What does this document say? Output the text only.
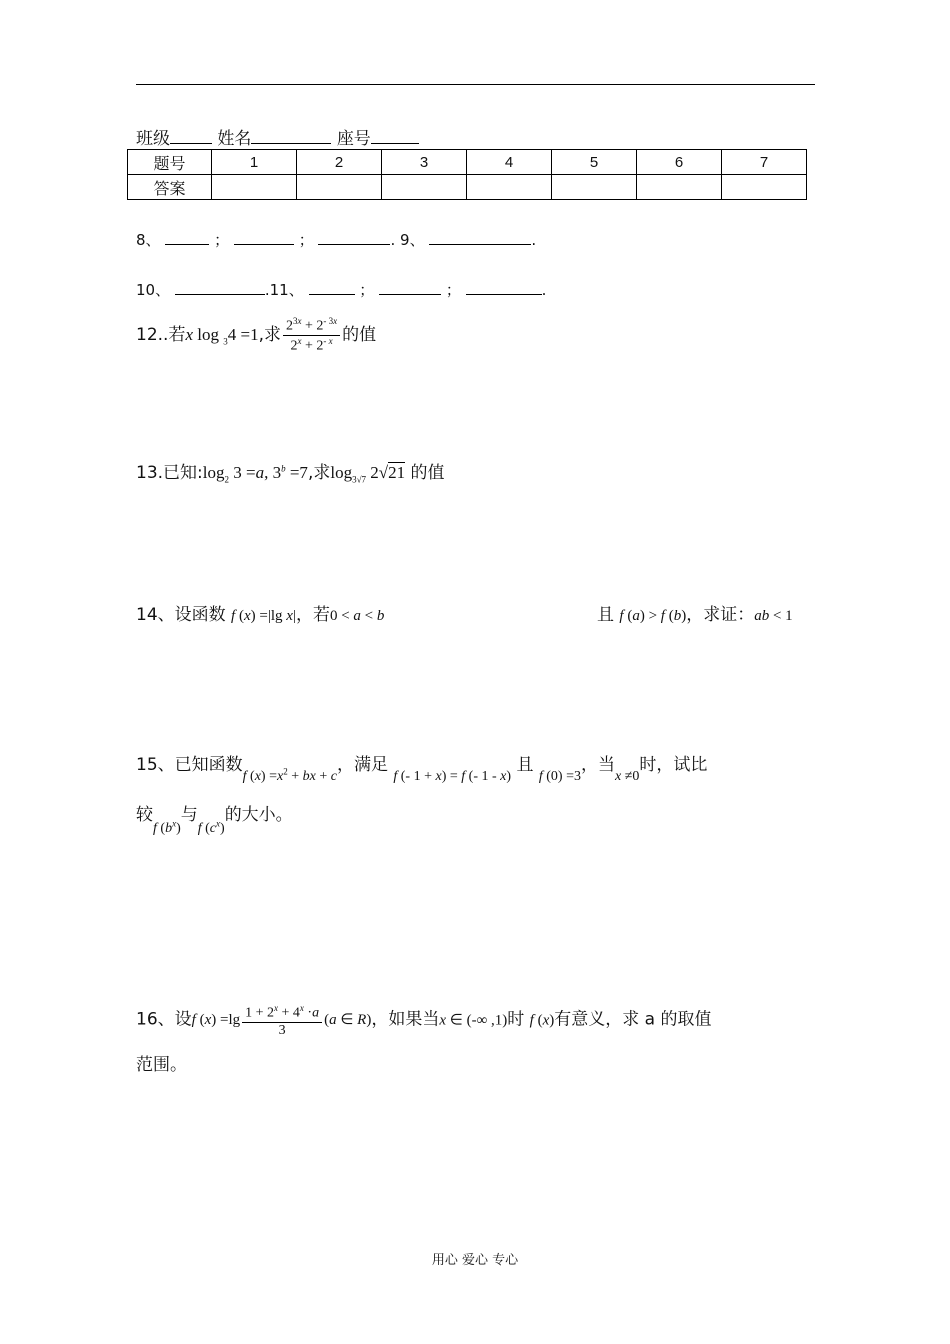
班级	姓名	座号
题号	1	2	3	4	5	6	7
答案							
8、	；	；	. 9、	.
10、	.11、	；	；	.
12..若x log $_3$4 =1,求 $\frac{2^{3x} + 2^{- 3x}}{2^x + 2^{- x}}$ 的值
13.已知$:\log_2$ 3 =a, $3^b =7$,求$\log_{3√7} 2√21$ 的值
14、设函数 f (x) =|lg x|，若0 < a < b	且 f (a) > f (b)，求证：ab < 1
15、已知函数$_{f (x) =x^2 + bx + c}$，满足 $_{f (- 1 + x) = f (- 1 - x)}$ 且 $_{f (0) =3}$，当$_{x \ne 0}$时，试比
较$_{f (b^x)}$与$_{f (c^x)}$的大小。
16、设f $(x) =\lg \frac{1 + 2^x + 4^x \cdot a}{3} (a$ ∈ R)，如果当x ∈ (-∞ ,1)时 f (x)有意义，求 a 的取值
范围。
用心 爱心 专心
